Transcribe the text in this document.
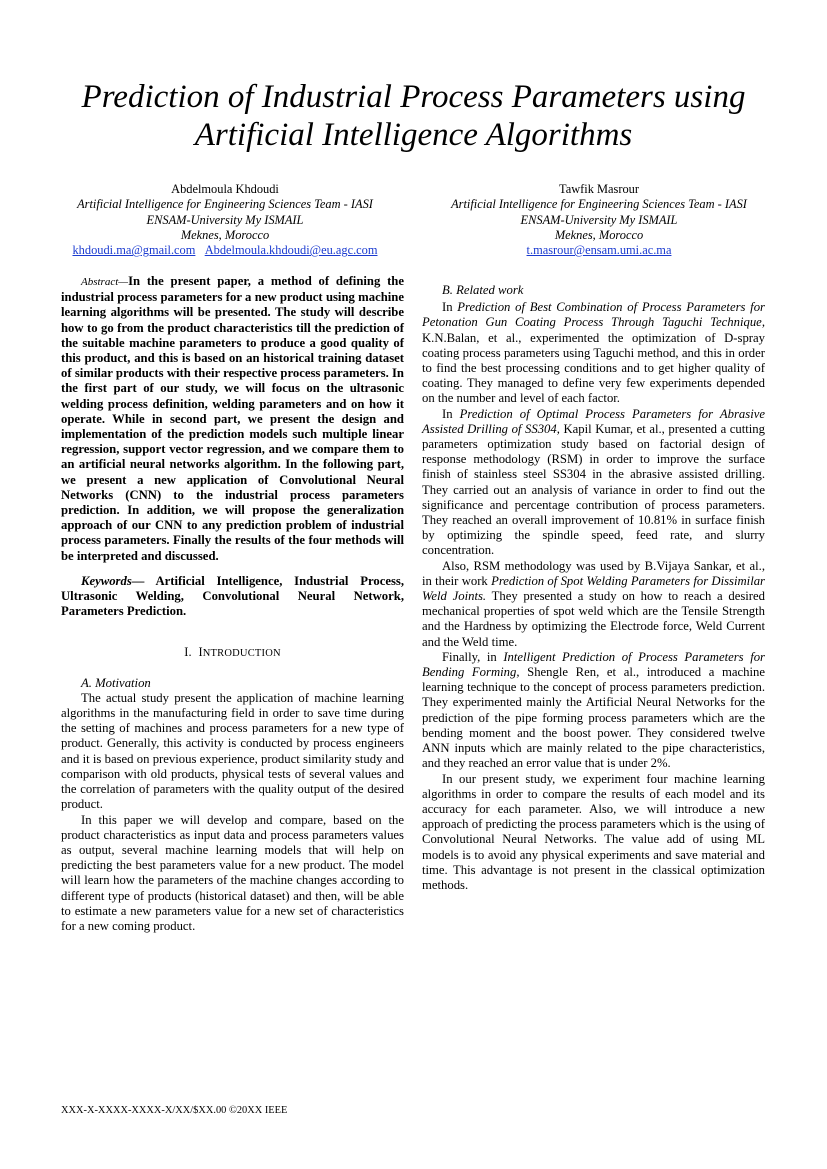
Prediction of Industrial Process Parameters using
Artificial Intelligence Algorithms
Abdelmoula Khdoudi
Artificial Intelligence for Engineering Sciences Team - IASI
ENSAM-University My ISMAIL
Meknes, Morocco
khdoudi.ma@gmail.com Abdelmoula.khdoudi@eu.agc.com
Tawfik Masrour
Artificial Intelligence for Engineering Sciences Team - IASI
ENSAM-University My ISMAIL
Meknes, Morocco
t.masrour@ensam.umi.ac.ma

Abstract—In the present paper, a method of defining the industrial process parameters for a new product using machine learning algorithms will be presented. The study will describe how to go from the product characteristics till the prediction of the suitable machine parameters to produce a good quality of this product, and this is based on an historical training dataset of similar products with their respective process parameters. In the first part of our study, we will focus on the ultrasonic welding process definition, welding parameters and on how it operate. While in second part, we present the design and implementation of the prediction models such multiple linear regression, support vector regression, and we compare them to an artificial neural networks algorithm. In the following part, we present a new application of Convolutional Neural Networks (CNN) to the industrial process parameters prediction. In addition, we will propose the generalization approach of our CNN to any prediction problem of industrial process parameters. Finally the results of the four methods will be interpreted and discussed.

Keywords— Artificial Intelligence, Industrial Process, Ultrasonic Welding, Convolutional Neural Network, Parameters Prediction.

I. INTRODUCTION

A. Motivation

The actual study present the application of machine learning algorithms in the manufacturing field in order to save time during the setting of machines and process parameters for a new type of product. Generally, this activity is conducted by process engineers and it is based on previous experience, product similarity study and comparison with old products, physical tests of several values and the correlation of parameters with the quality output of the desired product.

In this paper we will develop and compare, based on the product characteristics as input data and process parameters values as output, several machine learning models that will help on predicting the best parameters value for a new product. The model will learn how the parameters of the machine changes according to different type of products (historical dataset) and then, will be able to estimate a new parameters value for a new set of characteristics for a new coming product.

B. Related work

In Prediction of Best Combination of Process Parameters for Petonation Gun Coating Process Through Taguchi Technique, K.N.Balan, et al., experimented the optimization of D-spray coating process parameters using Taguchi method, and this in order to find the best processing conditions and to get higher quality of coating. They managed to define very few experiments depended on the number and level of each factor.

In Prediction of Optimal Process Parameters for Abrasive Assisted Drilling of SS304, Kapil Kumar, et al., presented a cutting parameters optimization study based on factorial design of response methodology (RSM) in order to improve the surface finish of stainless steel SS304 in the abrasive assisted drilling. They carried out an analysis of variance in order to find out the significance and percentage contribution of process parameters. They reached an overall improvement of 10.81% in surface finish by optimizing the spindle speed, feed rate, and slurry concentration.

Also, RSM methodology was used by B.Vijaya Sankar, et al., in their work Prediction of Spot Welding Parameters for Dissimilar Weld Joints. They presented a study on how to reach a desired mechanical properties of spot weld which are the Tensile Strength and the Hardness by optimizing the Electrode force, Weld Current and the Weld time.

Finally, in Intelligent Prediction of Process Parameters for Bending Forming, Shengle Ren, et al., introduced a machine learning technique to the concept of process parameters prediction. They experimented mainly the Artificial Neural Networks for the prediction of the pipe forming process parameters which are the bending moment and the boost power. They considered twelve ANN inputs which are mainly related to the pipe characteristics, and they reached an error value that is under 2%.

In our present study, we experiment four machine learning algorithms in order to compare the results of each model and its accuracy for each parameter. Also, we will introduce a new approach of predicting the process parameters which is the using of Convolutional Neural Networks. The value add of using ML models is to avoid any physical experiments and save material and time. This advantage is not present in the classical optimization methods.

XXX-X-XXXX-XXXX-X/XX/$XX.00 ©20XX IEEE
